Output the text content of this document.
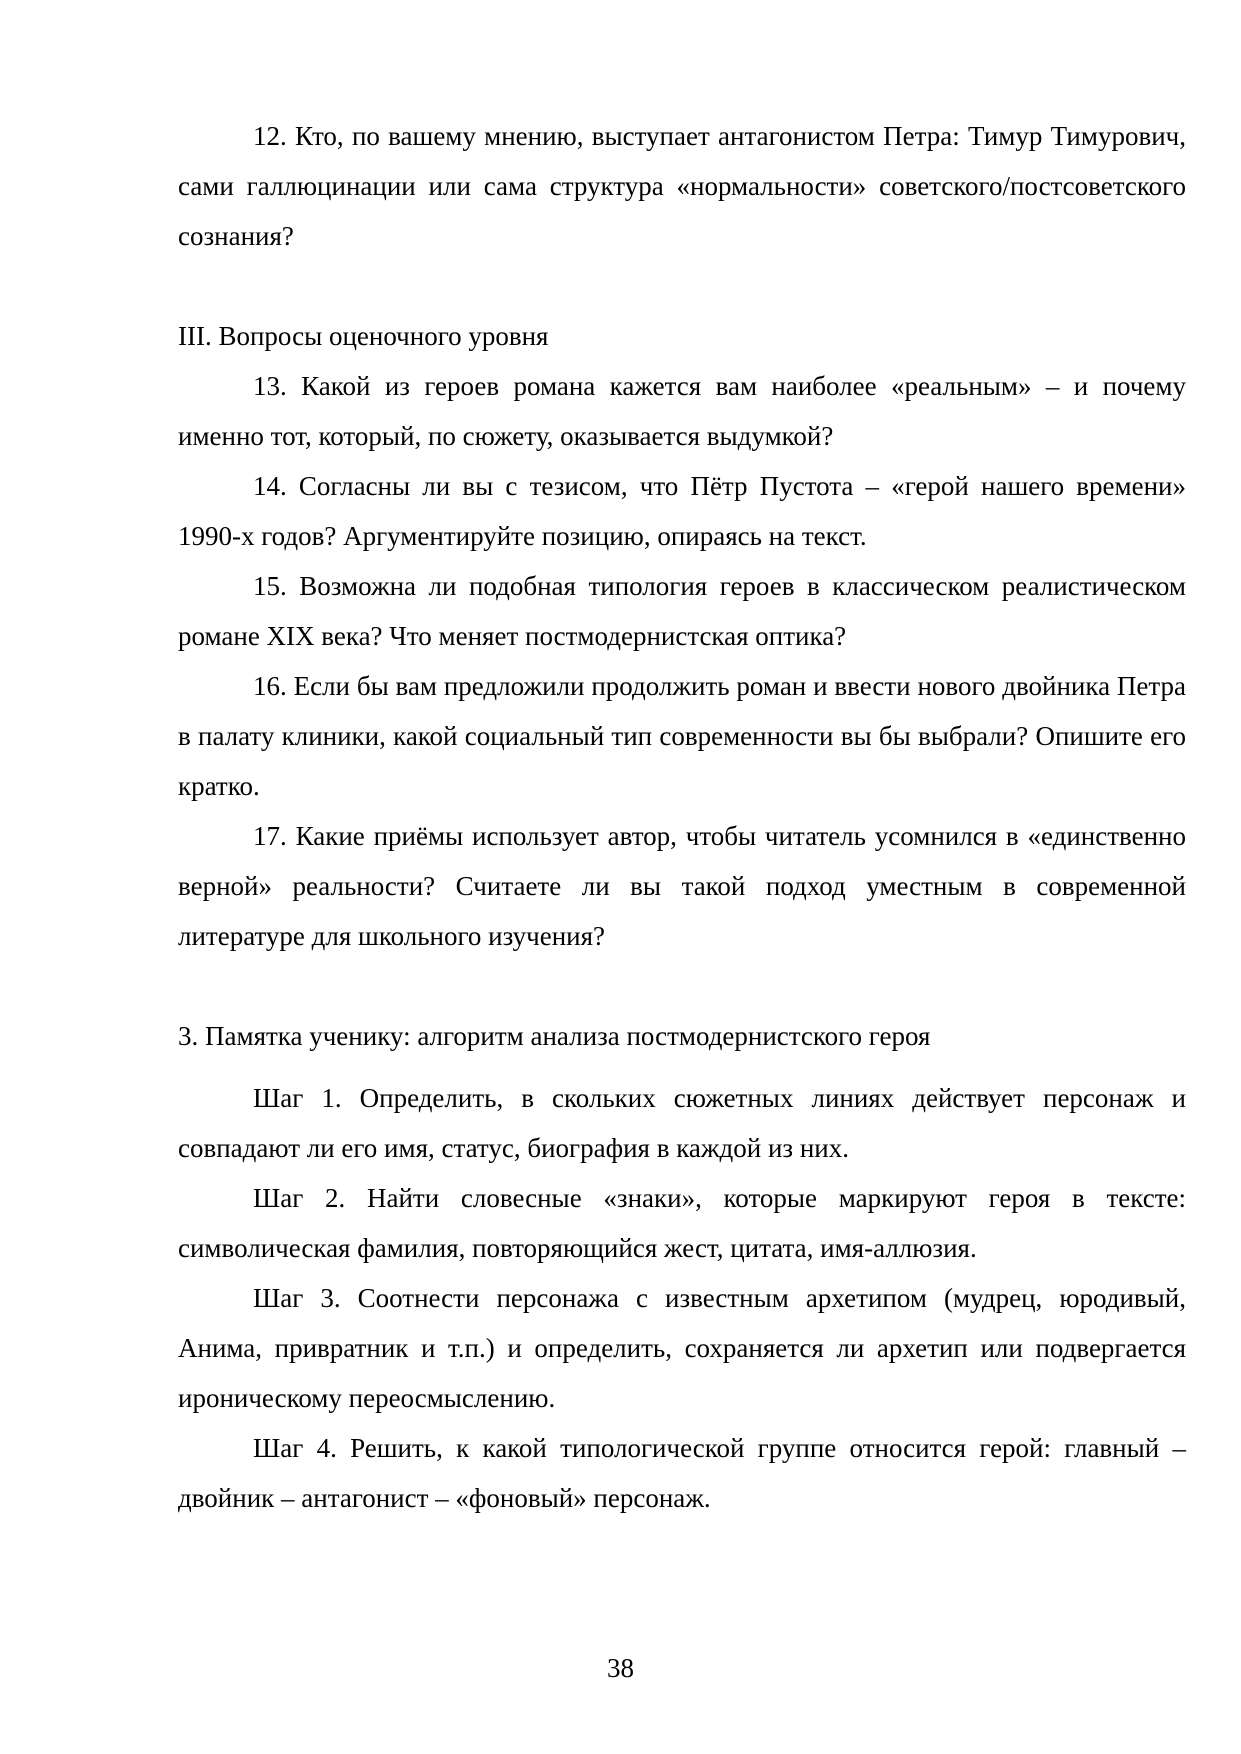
12. Кто, по вашему мнению, выступает антагонистом Петра: Тимур Тимурович, сами галлюцинации или сама структура «нормальности» советского/постсоветского сознания?

III. Вопросы оценочного уровня

13. Какой из героев романа кажется вам наиболее «реальным» – и почему именно тот, который, по сюжету, оказывается выдумкой?

14. Согласны ли вы с тезисом, что Пётр Пустота – «герой нашего времени» 1990-х годов? Аргументируйте позицию, опираясь на текст.

15. Возможна ли подобная типология героев в классическом реалистическом романе XIX века? Что меняет постмодернистская оптика?

16. Если бы вам предложили продолжить роман и ввести нового двойника Петра в палату клиники, какой социальный тип современности вы бы выбрали? Опишите его кратко.

17. Какие приёмы использует автор, чтобы читатель усомнился в «единственно верной» реальности? Считаете ли вы такой подход уместным в современной литературе для школьного изучения?

3. Памятка ученику: алгоритм анализа постмодернистского героя

Шаг 1. Определить, в скольких сюжетных линиях действует персонаж и совпадают ли его имя, статус, биография в каждой из них.

Шаг 2. Найти словесные «знаки», которые маркируют героя в тексте: символическая фамилия, повторяющийся жест, цитата, имя-аллюзия.

Шаг 3. Соотнести персонажа с известным архетипом (мудрец, юродивый, Анима, привратник и т.п.) и определить, сохраняется ли архетип или подвергается ироническому переосмыслению.

Шаг 4. Решить, к какой типологической группе относится герой: главный – двойник – антагонист – «фоновый» персонаж.

38
